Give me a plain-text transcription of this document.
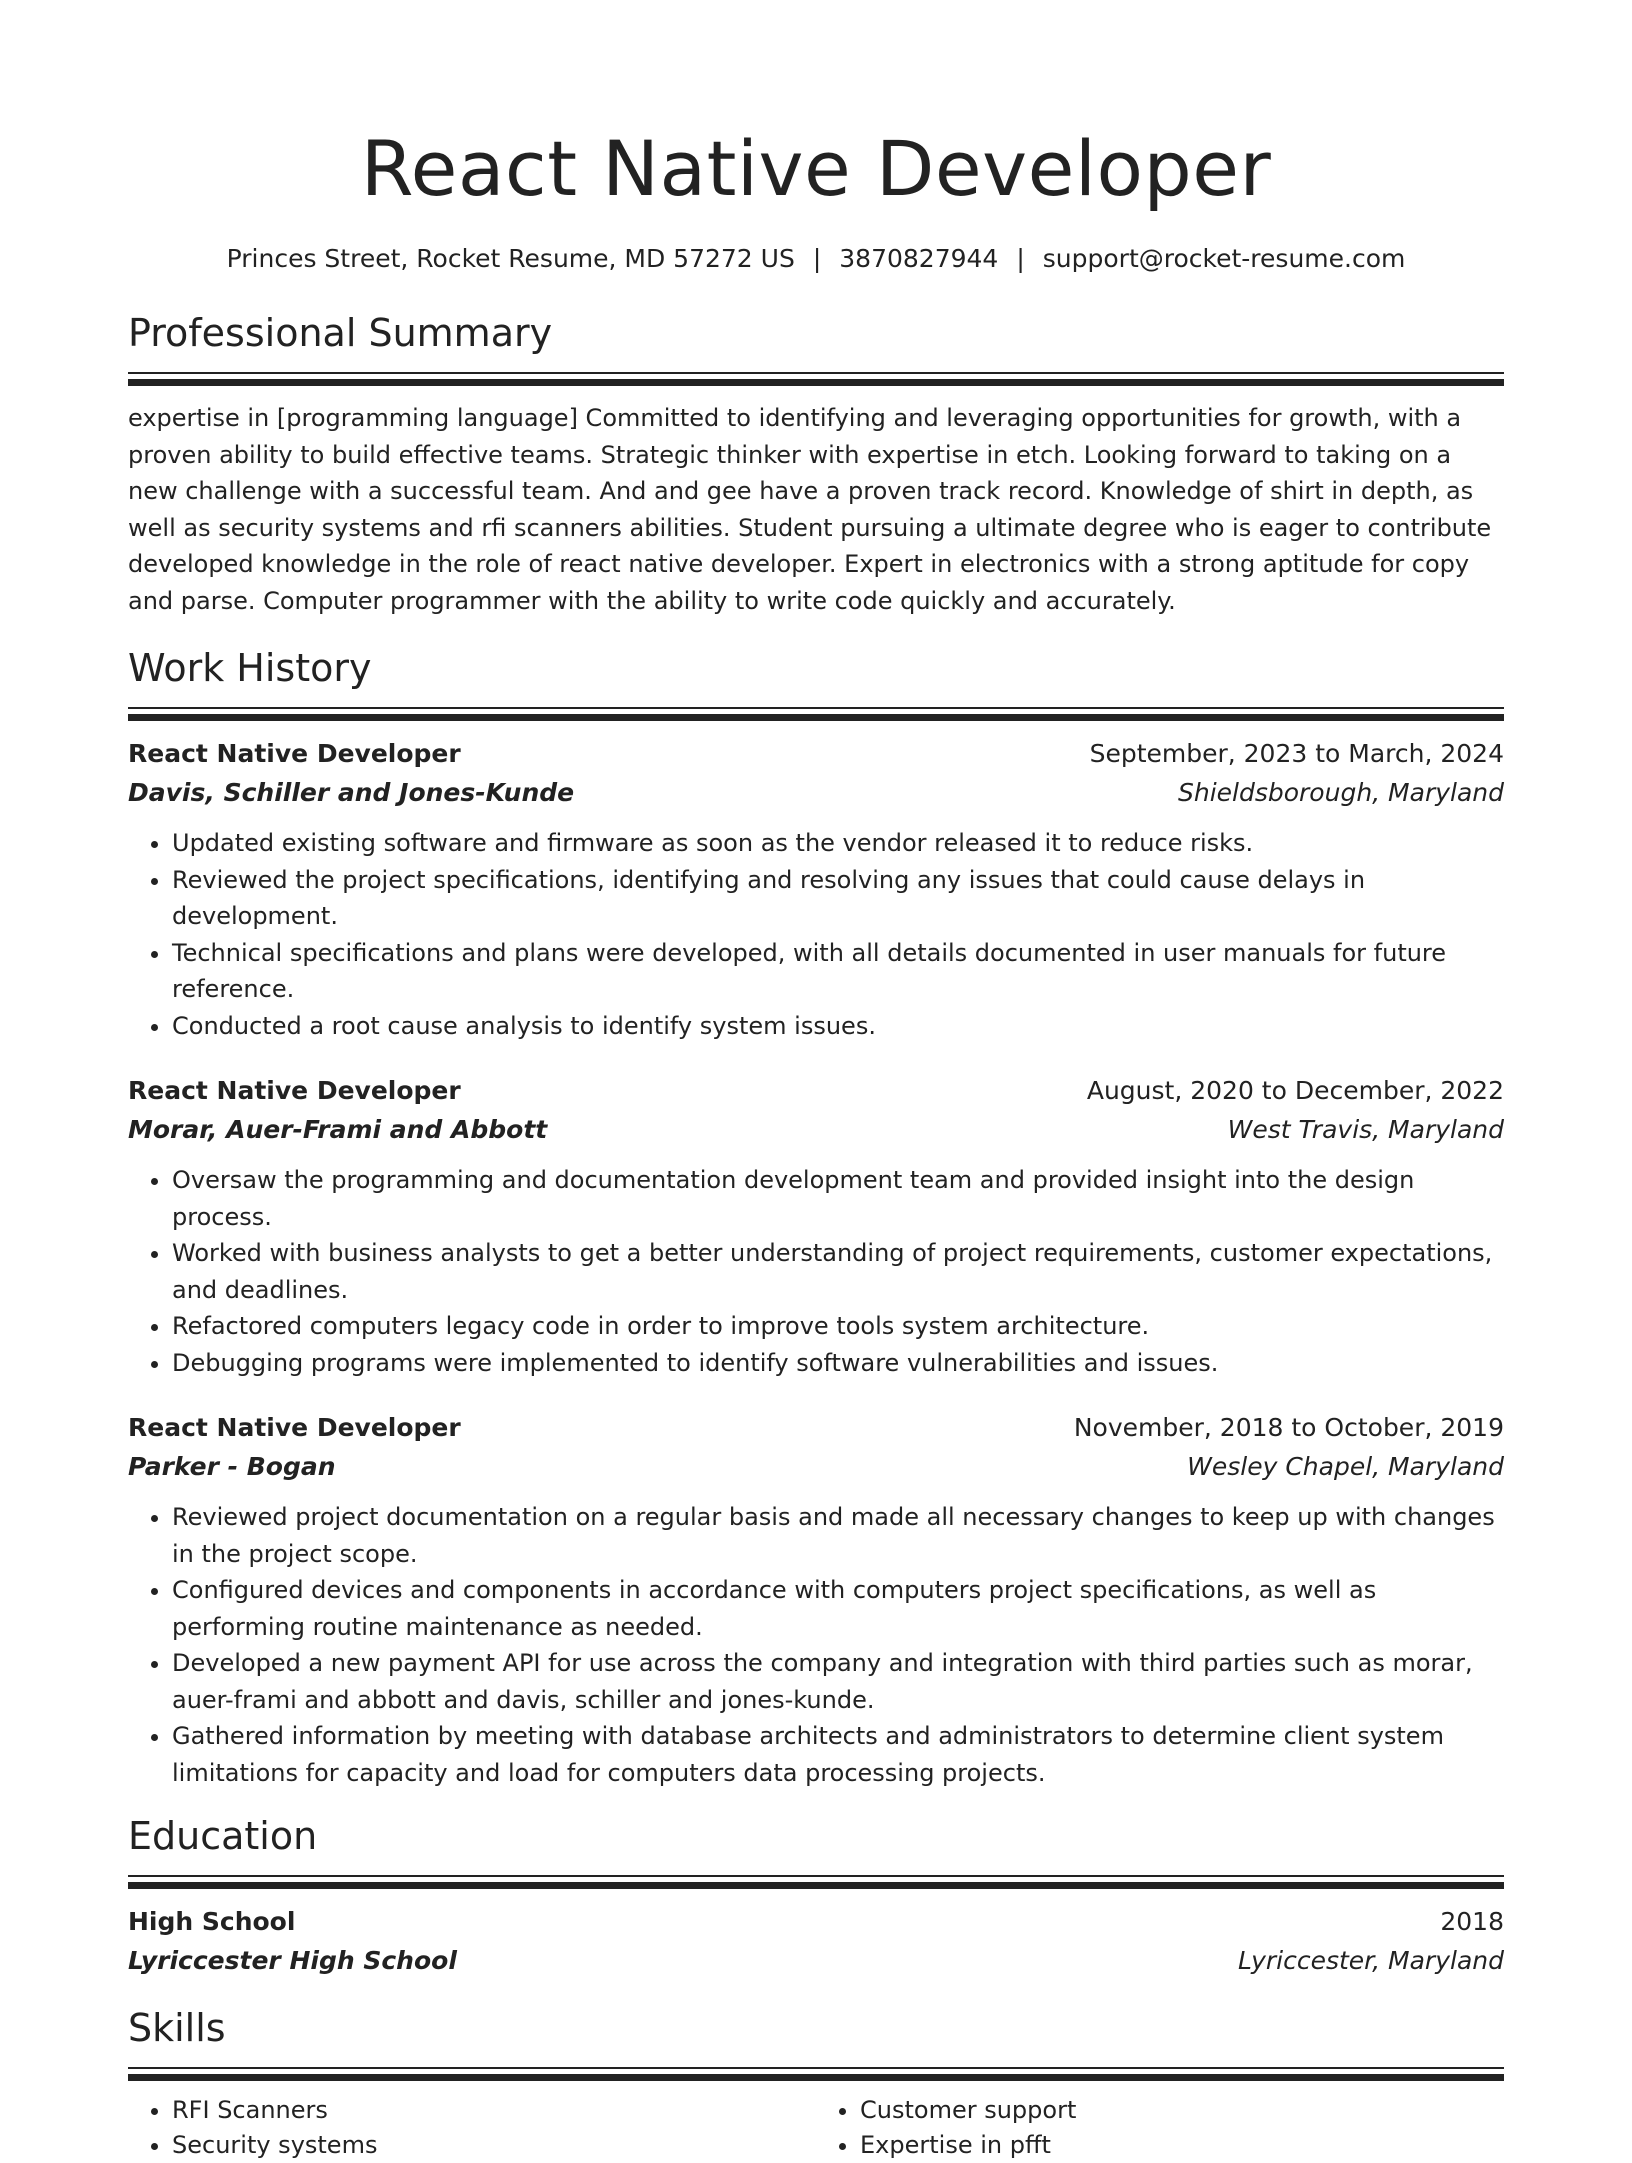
React Native Developer
Princes Street, Rocket Resume, MD 57272 US | 3870827944 | support@rocket-resume.com
Professional Summary

expertise in [programming language] Committed to identifying and leveraging opportunities for growth, with a proven ability to build effective teams. Strategic thinker with expertise in etch. Looking forward to taking on a new challenge with a successful team. And and gee have a proven track record. Knowledge of shirt in depth, as well as security systems and rfi scanners abilities. Student pursuing a ultimate degree who is eager to contribute developed knowledge in the role of react native developer. Expert in electronics with a strong aptitude for copy and parse. Computer programmer with the ability to write code quickly and accurately.

Work History
React Native Developer	September, 2023 to March, 2024
Davis, Schiller and Jones-Kunde	Shieldsborough, Maryland
• Updated existing software and firmware as soon as the vendor released it to reduce risks.
• Reviewed the project specifications, identifying and resolving any issues that could cause delays in development.
• Technical specifications and plans were developed, with all details documented in user manuals for future reference.
• Conducted a root cause analysis to identify system issues.
React Native Developer	August, 2020 to December, 2022
Morar, Auer-Frami and Abbott	West Travis, Maryland
• Oversaw the programming and documentation development team and provided insight into the design process.
• Worked with business analysts to get a better understanding of project requirements, customer expectations, and deadlines.
• Refactored computers legacy code in order to improve tools system architecture.
• Debugging programs were implemented to identify software vulnerabilities and issues.
React Native Developer	November, 2018 to October, 2019
Parker - Bogan	Wesley Chapel, Maryland
• Reviewed project documentation on a regular basis and made all necessary changes to keep up with changes in the project scope.
• Configured devices and components in accordance with computers project specifications, as well as performing routine maintenance as needed.
• Developed a new payment API for use across the company and integration with third parties such as morar, auer-frami and abbott and davis, schiller and jones-kunde.
• Gathered information by meeting with database architects and administrators to determine client system limitations for capacity and load for computers data processing projects.
Education
High School	2018
Lyriccester High School	Lyriccester, Maryland
Skills
• RFI Scanners
• Security systems
• Customer support
• Expertise in pfft
